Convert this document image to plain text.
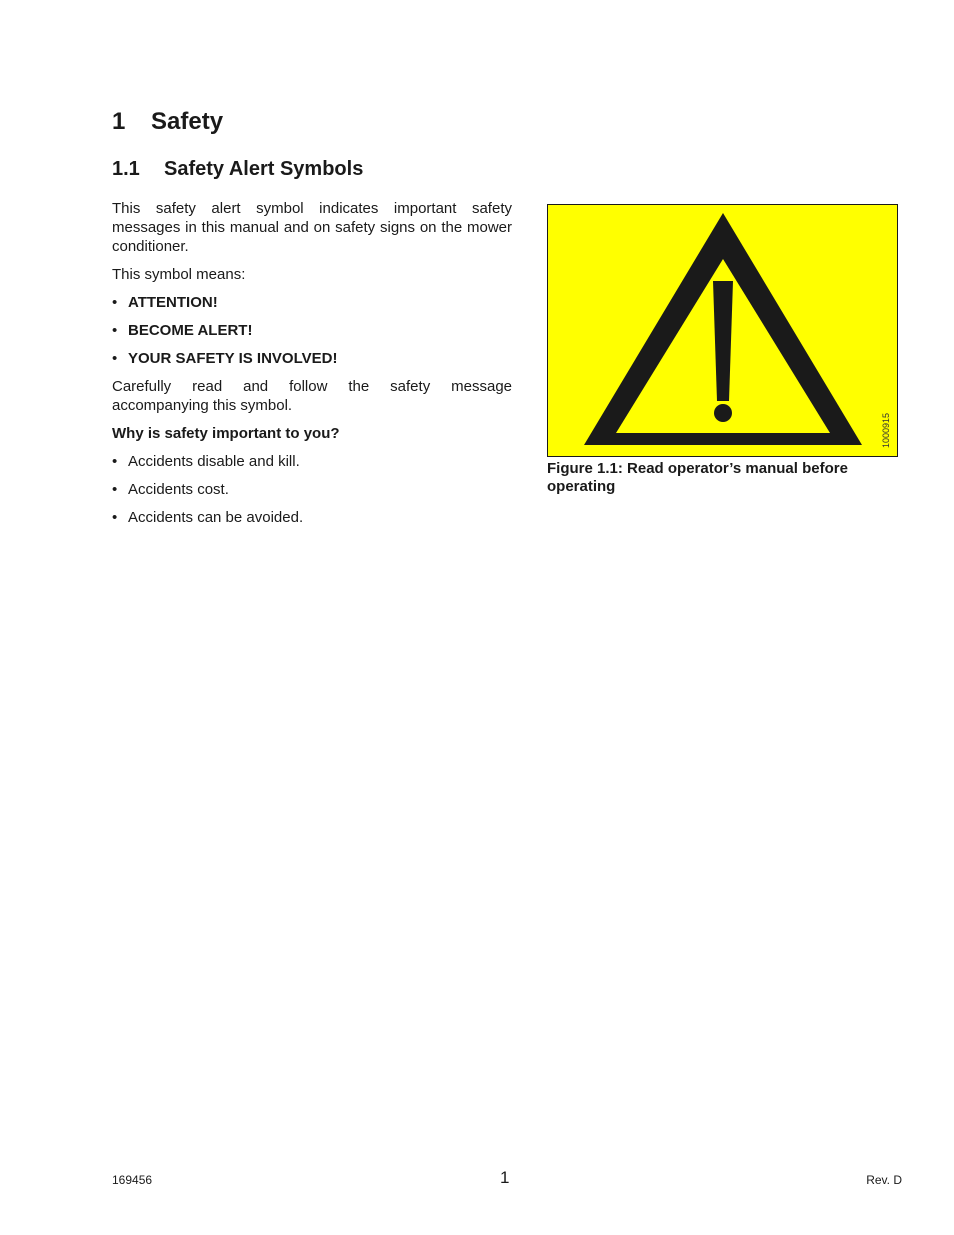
1 Safety
1.1 Safety Alert Symbols

This safety alert symbol indicates important safety messages in this manual and on safety signs on the mower conditioner.

This symbol means:

• ATTENTION!
• BECOME ALERT!
• YOUR SAFETY IS INVOLVED!

Carefully read and follow the safety message accompanying this symbol.

Why is safety important to you?

• Accidents disable and kill.
• Accidents cost.
• Accidents can be avoided.
1000915
Figure 1.1: Read operator’s manual before operating
169456	1	Rev. D
